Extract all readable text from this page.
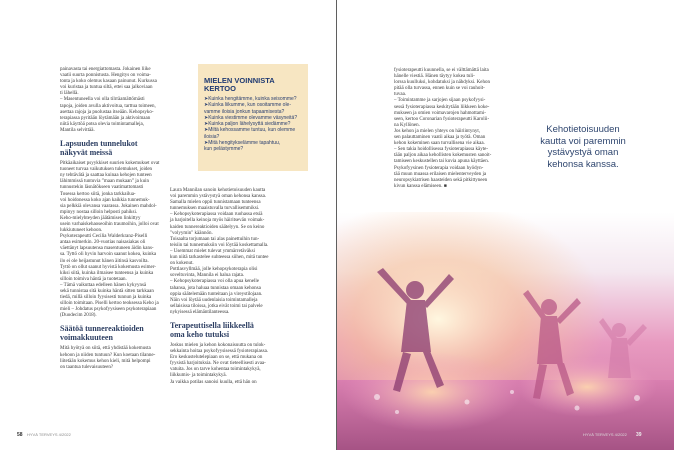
painavasta tai energiattomasta. Jokainen liike
vaatii suurta ponnistusta. Hengitys on voima-
tonta ja koko olemus kasaan painunut. Kurkussa
voi kuristaa ja tuntua siltä, ettei saa jalkoviaan
ti lähellä.
– Masentuneella voi olla tilrräamättömästi
tapoja, joiden avulla aktivoitua, tarttua toimeen,
asettaa rajoja ja puolustaa itseään. Kehopsyko-
terapiassa pyritään löytämään ja aktivoimaan
niitä käyttöä potsa olevia toimintamalleja,
Mantila selvittää.
Lapsuuden tunnelukot näkyvät meissä
Pitkäaikaiset psyykkiset suurien kokemukset ovat
tuoneet turvaa vaikutuksen tulemukset, joiden
ny tehtävätä ja saattaa kuinaa kehojen tunteen
lähimmissä tuntuvia ”maan mukaan” ja kuin
tunnustekin läsnätökseen vaatimattomasti
Tosessa kertoo siitä, jonka tarkkailua-
voi hoidonessa koko ajan kaikkia tunnemuk-
sia pelkkiä olevansa vaarassa. Jokainen mahdol-
mpinyy nostaa silloin helposti pahiksi.
Keho-mielyhteyden jäätämisen linkittyy
usein varhaiskehaoseoihin traumoihin, jolloi ovat
lukkiutuneet kehoon.
Psykoterapeutti Cecilia Walderkranz-Piselli
antaa esimerkin. 20-vuotias naisasiakas oli
väettänyt lapsuutensa masentuneen äidin kans-
sa. Tyttö oli hyvin harvoin saanut kokea, kuinka
ilo ei ole heijastunut hänen äitinsä kasvoilta.
Tyttö on ollut saanut hyvistä kokemusta esimer-
kiksi siitä, kuinka ilmaisee tunteensa ja kuinka
silloin toimiva häntä ja tuotetaan.
– Tämä vaikuttaa edelleen hänen kykyynsä
sekä tunnistaa sitä kuinka häntä sitten tarkkaan
tiedä, millä silloin fyysisesti tunnun ja kuinka
silloin toimitaan. Piselli kertoo teoksessa Keho ja
mieli – Johdatus psykofyysiseen psykoterapiaan
(Duodecim 2018).
Säätöä tunnereaktioiden voimakkuuteen
Mitä hyötyä on siitä, että yhdistää kokemusta
kehoon ja niiden tuntuun? Kun koetaan tilanne-
liitetään kokemus kehon kieli, mitä helpompi
on taantua tulevaisuuteen?
MIELEN VOINNISTA KERTOO
➤Kuinka hengitämme, kuinka seisomme?
➤Kuinka liikumme, kun osoitamme ole-
vamme iloisia jonkun tapaamisesta?
➤Kuinka viestimme olevamme väsyneitä?
➤Kuinka paljon lähelysyttä siedämme?
➤Miltä kehossamme tuntuu, kun olemme
iloisia?
➤Mitä hengitykselämme tapahtuu,
kun pelästymme?
Laura Mannilan sanoin kehotietoisuuden kautta
voi paremmin ystävystyä oman kehonsa kanssa.
Samalla mielen oppii tunnistamaan tunteensa
tunnemuksen maaistuvalla turvallisemmiksi.
– Kehopsykoterapiassa voidaan ruohassa etsiä
ja harjoitella keinoja myös häiritsevän voimak-
kaiden tunnereaktioiden säätelyyn. Se on keino
"volyymin" käännön.
Toisaalta torjumaan tai alas painettuihin tun-
teisiin tai tunnemuksiin voi löytää koskettamalla.
– Usemmat mielet tulevat ymmärretäväksi
kun niitä tarkastelee suhteessa siihen, mitä tuntee
on kokenut.
Pottlasvyllmää, jolle kehopsykoterapia olisi
soveltuvinta, Mannila ei halua rajata.
– Kehopsykoterapiassa voi olla apua kenelle
tahansa, jota haluaa tunnistaa omaan kehonsa
oppia säätelemään tunteitaan ja vireystilojaan.
Näin voi löytää uudenlaisia toimintamalleja
sellaisissa tiloissa, jotka eivät toimi tai palvele
nykyisessä elämäntilanteessa.
Terapeuttisella liikkeellä oma keho tutuksi
Joskus mielen ja kehon kokonaisuutta on tulok-
sekkainta hoitaa psykofyysisessä fysioterapiassa.
Ero keskustelutelepiaan on se, että mukana on
fyysistä harjoituksia. Ne ovat tieteellisesti avaa-
vatuita. Jos on tarve kohentaa toimintakykyä,
liikkumis- ja toimintakykyä.
Ja vaikka potilas sanoisi kuulla, että hän on
58 HYVÄ TERVEYS 4/2022
fysioterapeutti kuunnella, se ei välttämättä laita
hänelle viestiä. Hänen täytyy kokea tuli-
lorssa kuulluksi, kohdatuksi ja nähdyksi. Kehon
pitää olla turvassa, ennen kuin se voi rauhoit-
tuvaa.
– Toimintamme ja sarjojen sijaan psykofyysi-
sessä fysioterapiassa keskitytään liikkeen koke-
mukseen ja omien voimavarojen hahmottami-
seen, kertoo Coronarian fysioterapeutti Karolii-
na Kyllönen.
Jos kehon ja mielen yhteys on häiriintynyt,
sen palauttaminen vaatii aikaa ja työtä. Oman
kehon kokeminen saan turvallisena vie aikaa.
– Sen takia hoidollisessa fysioterapiassa käyte-
tään paljon aikaa kehollisten kokemusten sanoit-
tamiseen keskustellen tai kuvia apuna käyttäen.
Psykofyysinen fysioterapia voidaan hyödyn-
tää muun muassa erilaisen mielenterveyden ja
neuropsykiatrisen haasteiden sekä pitkittyneen
kivun kanssa elämiseen. ■
Kehotietoisuuden
kautta voi paremmin
ystävystyä oman
kehonsa kanssa.
HYVÄ TERVEYS 4/2022 39
